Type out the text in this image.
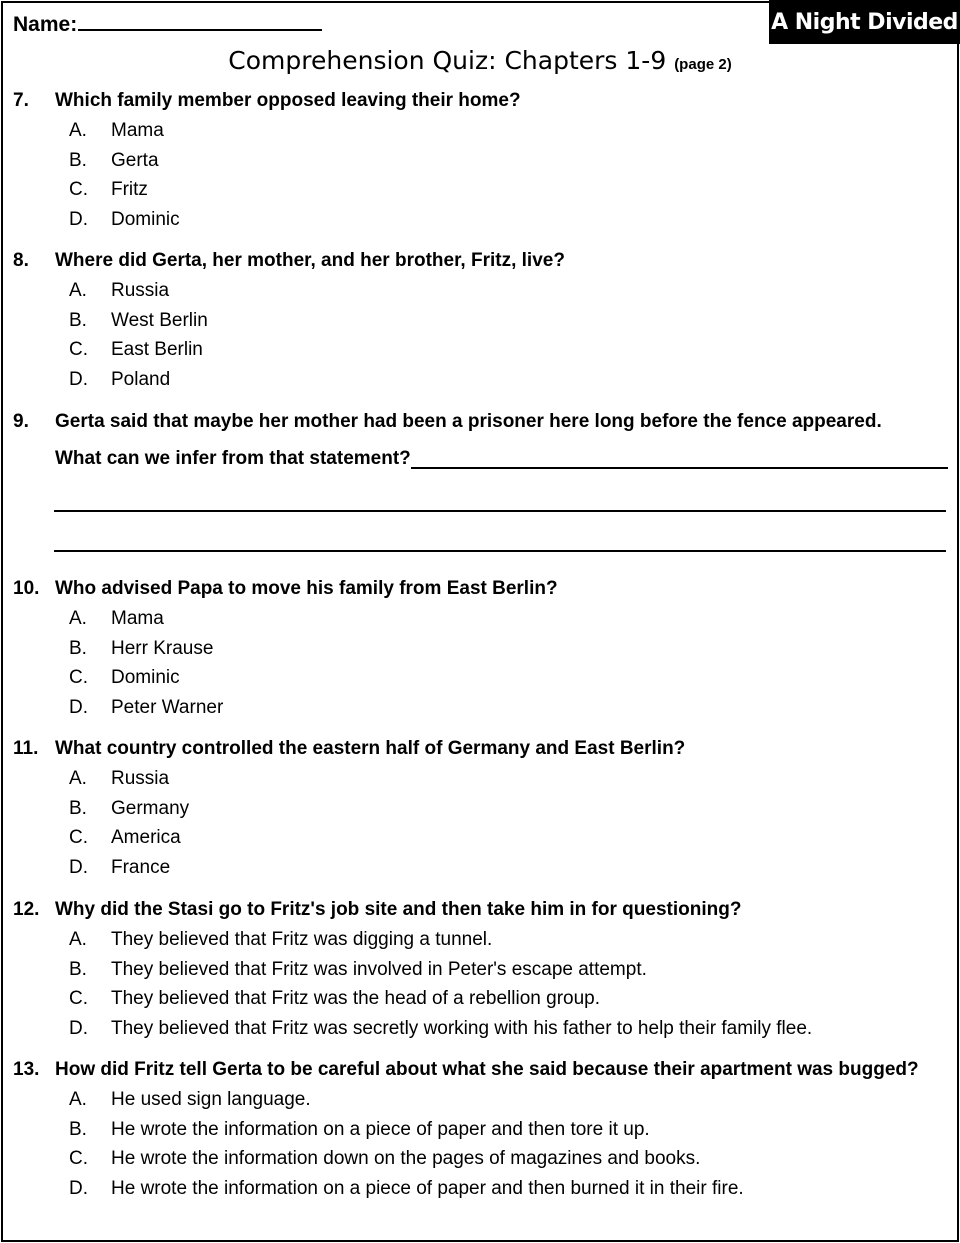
Name:	A Night Divided
Comprehension Quiz: Chapters 1-9 (page 2)
7.	Which family member opposed leaving their home?
A.	Mama
B.	Gerta
C.	Fritz
D.	Dominic
8.	Where did Gerta, her mother, and her brother, Fritz, live?
A.	Russia
B.	West Berlin
C.	East Berlin
D.	Poland
9.	Gerta said that maybe her mother had been a prisoner here long before the fence appeared.
What can we infer from that statement?
10. Who advised Papa to move his family from East Berlin?
A.	Mama
B.	Herr Krause
C.	Dominic
D.	Peter Warner
11. What country controlled the eastern half of Germany and East Berlin?
A.	Russia
B.	Germany
C.	America
D.	France
12. Why did the Stasi go to Fritz's job site and then take him in for questioning?
A.	They believed that Fritz was digging a tunnel.
B.	They believed that Fritz was involved in Peter's escape attempt.
C.	They believed that Fritz was the head of a rebellion group.
D.	They believed that Fritz was secretly working with his father to help their family flee.
13. How did Fritz tell Gerta to be careful about what she said because their apartment was bugged?
A.	He used sign language.
B.	He wrote the information on a piece of paper and then tore it up.
C.	He wrote the information down on the pages of magazines and books.
D.	He wrote the information on a piece of paper and then burned it in their fire.
